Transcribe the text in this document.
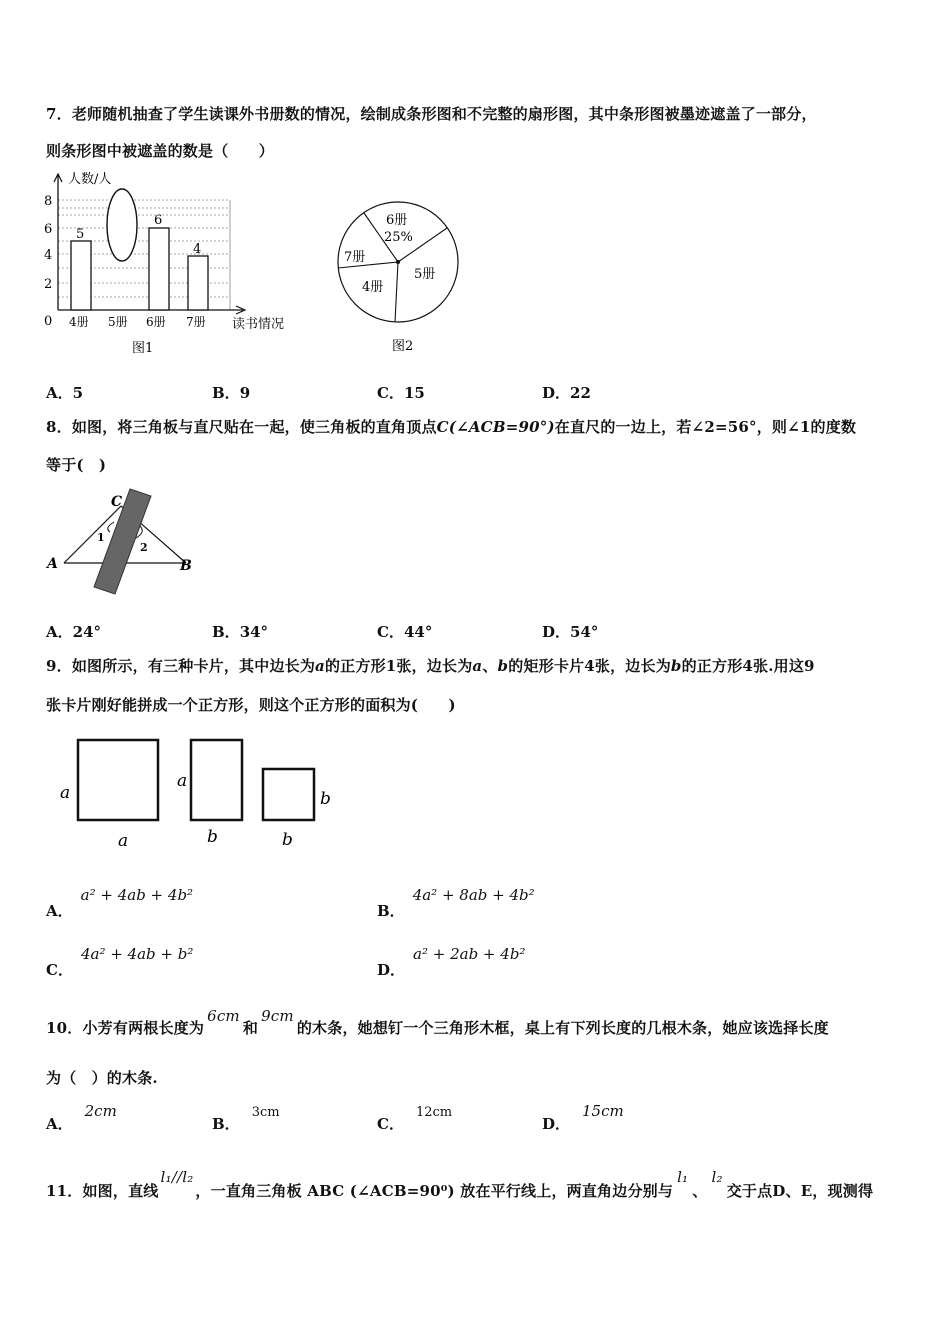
7．老师随机抽查了学生读课外书册数的情况，绘制成条形图和不完整的扇形图，其中条形图被墨迹遮盖了一部分，
则条形图中被遮盖的数是（　　）
5
6
4
0
2
4
6
8
4册 5册 6册 7册
人数/人
读书情况
图1
6册
25%
7册
4册
5册
图2
A．5	B．9	C．15	D．22
8．如图，将三角板与直尺贴在一起，使三角板的直角顶点C(∠ACB=90°)在直尺的一边上，若∠2=56°，则∠1的度数
等于(　)
A	B
C
1
2
A．24°	B．34°	C．44°	D．54°
9．如图所示，有三种卡片，其中边长为a的正方形1张，边长为a、b的矩形卡片4张，边长为b的正方形4张.用这9
张卡片刚好能拼成一个正方形，则这个正方形的面积为(　　)
a
a
a
b	b
b
A．a² + 4ab + 4b²
B．4a² + 8ab + 4b²
C．4a² + 4ab + b²
D．a² + 2ab + 4b²
10．小芳有两根长度为6cm和9cm的木条，她想钉一个三角形木框，桌上有下列长度的几根木条，她应该选择长度
为（　）的木条.
A．2cm
B．3cm
C．12cm
D．15cm
11．如图，直线l₁//l₂，一直角三角板 ABC (∠ACB=90⁰) 放在平行线上，两直角边分别与l₁、l₂交于点D、E，现测得
